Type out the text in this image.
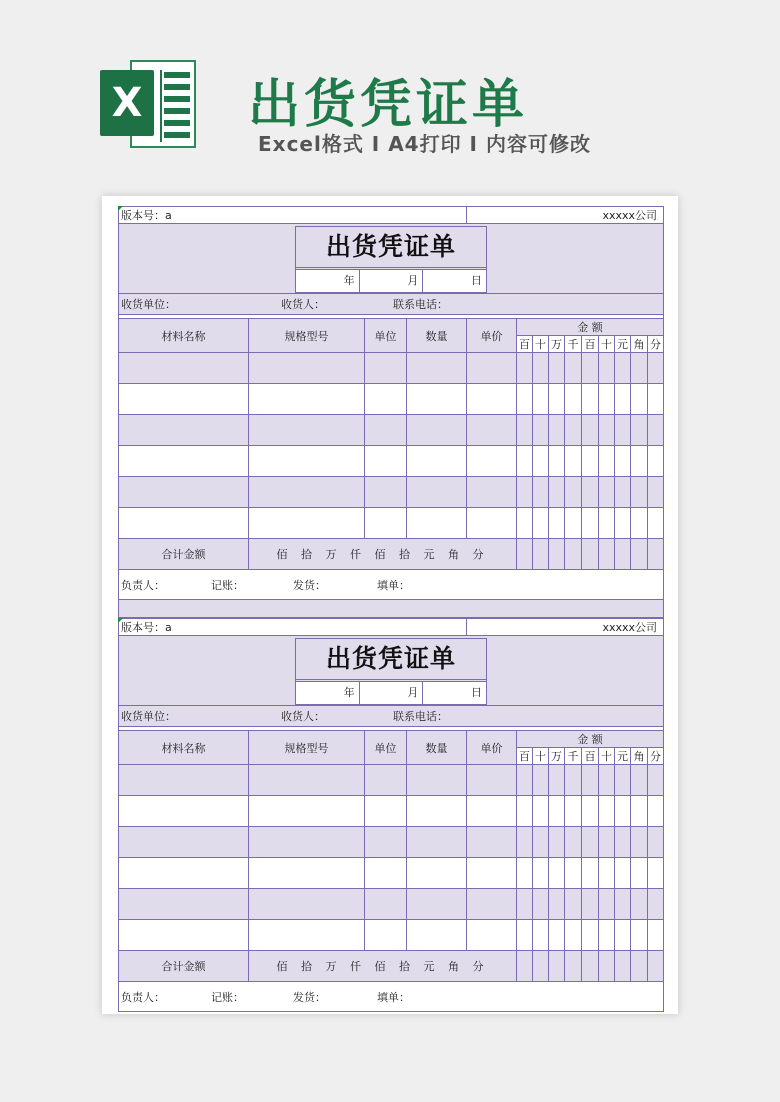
X 出货凭证单
Excel格式 I A4打印 I 内容可修改
版本号：a				xxxxx公司									

出货凭证单
年 月 日													

收货单位： 收货人： 联系电话：													

材料名称	规格型号	单位	数量	单价	金 额								
					百	十	万	千	百	十	元	角	分

合计金额	佰 拾 万 仟 佰 拾 元 角 分												

负责人： 记账： 发货： 填单：													

版本号：a				xxxxx公司									

出货凭证单
年 月 日													

收货单位： 收货人： 联系电话：													

材料名称	规格型号	单位	数量	单价	金 额								
					百	十	万	千	百	十	元	角	分

合计金额	佰 拾 万 仟 佰 拾 元 角 分												

负责人： 记账： 发货： 填单：													
